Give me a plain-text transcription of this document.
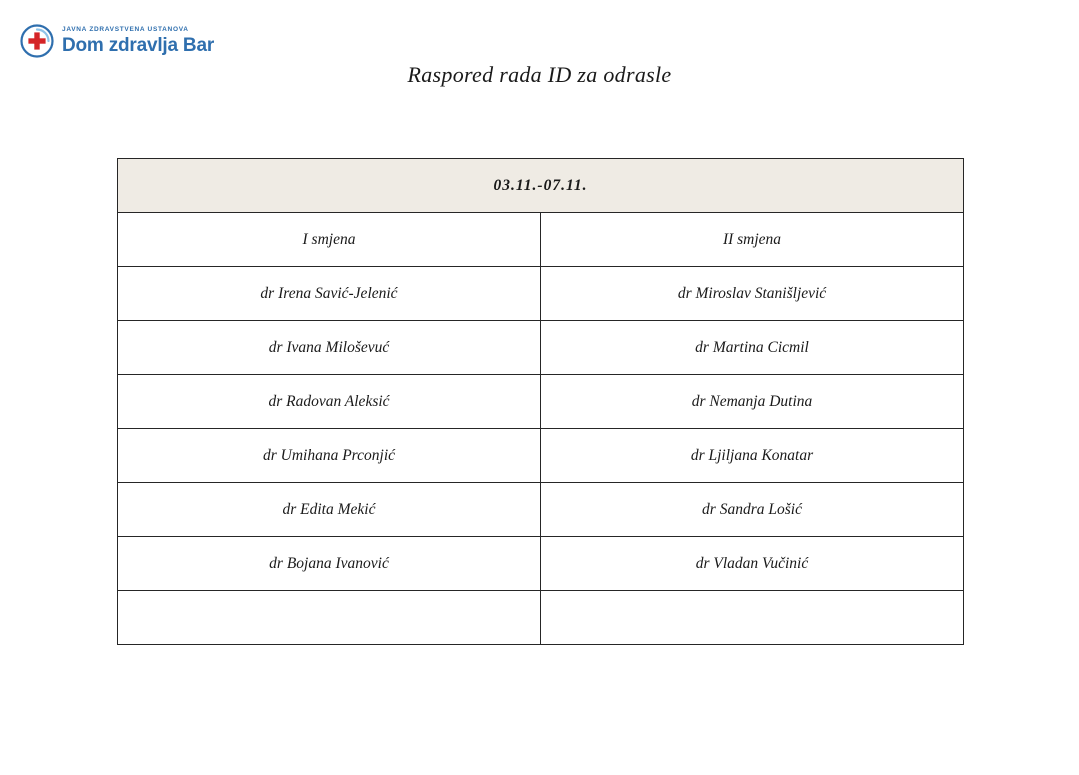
JAVNA ZDRAVSTVENA USTANOVA
Dom zdravlja Bar
Raspored rada ID za odrasle
03.11.-07.11.	
I smjena	II smjena
dr Irena Savić-Jelenić	dr Miroslav Stanišljević
dr Ivana Miloševuć	dr Martina Cicmil
dr Radovan Aleksić	dr Nemanja Dutina
dr Umihana Prconjić	dr Ljiljana Konatar
dr Edita Mekić	dr Sandra Lošić
dr Bojana Ivanović	dr Vladan Vučinić
